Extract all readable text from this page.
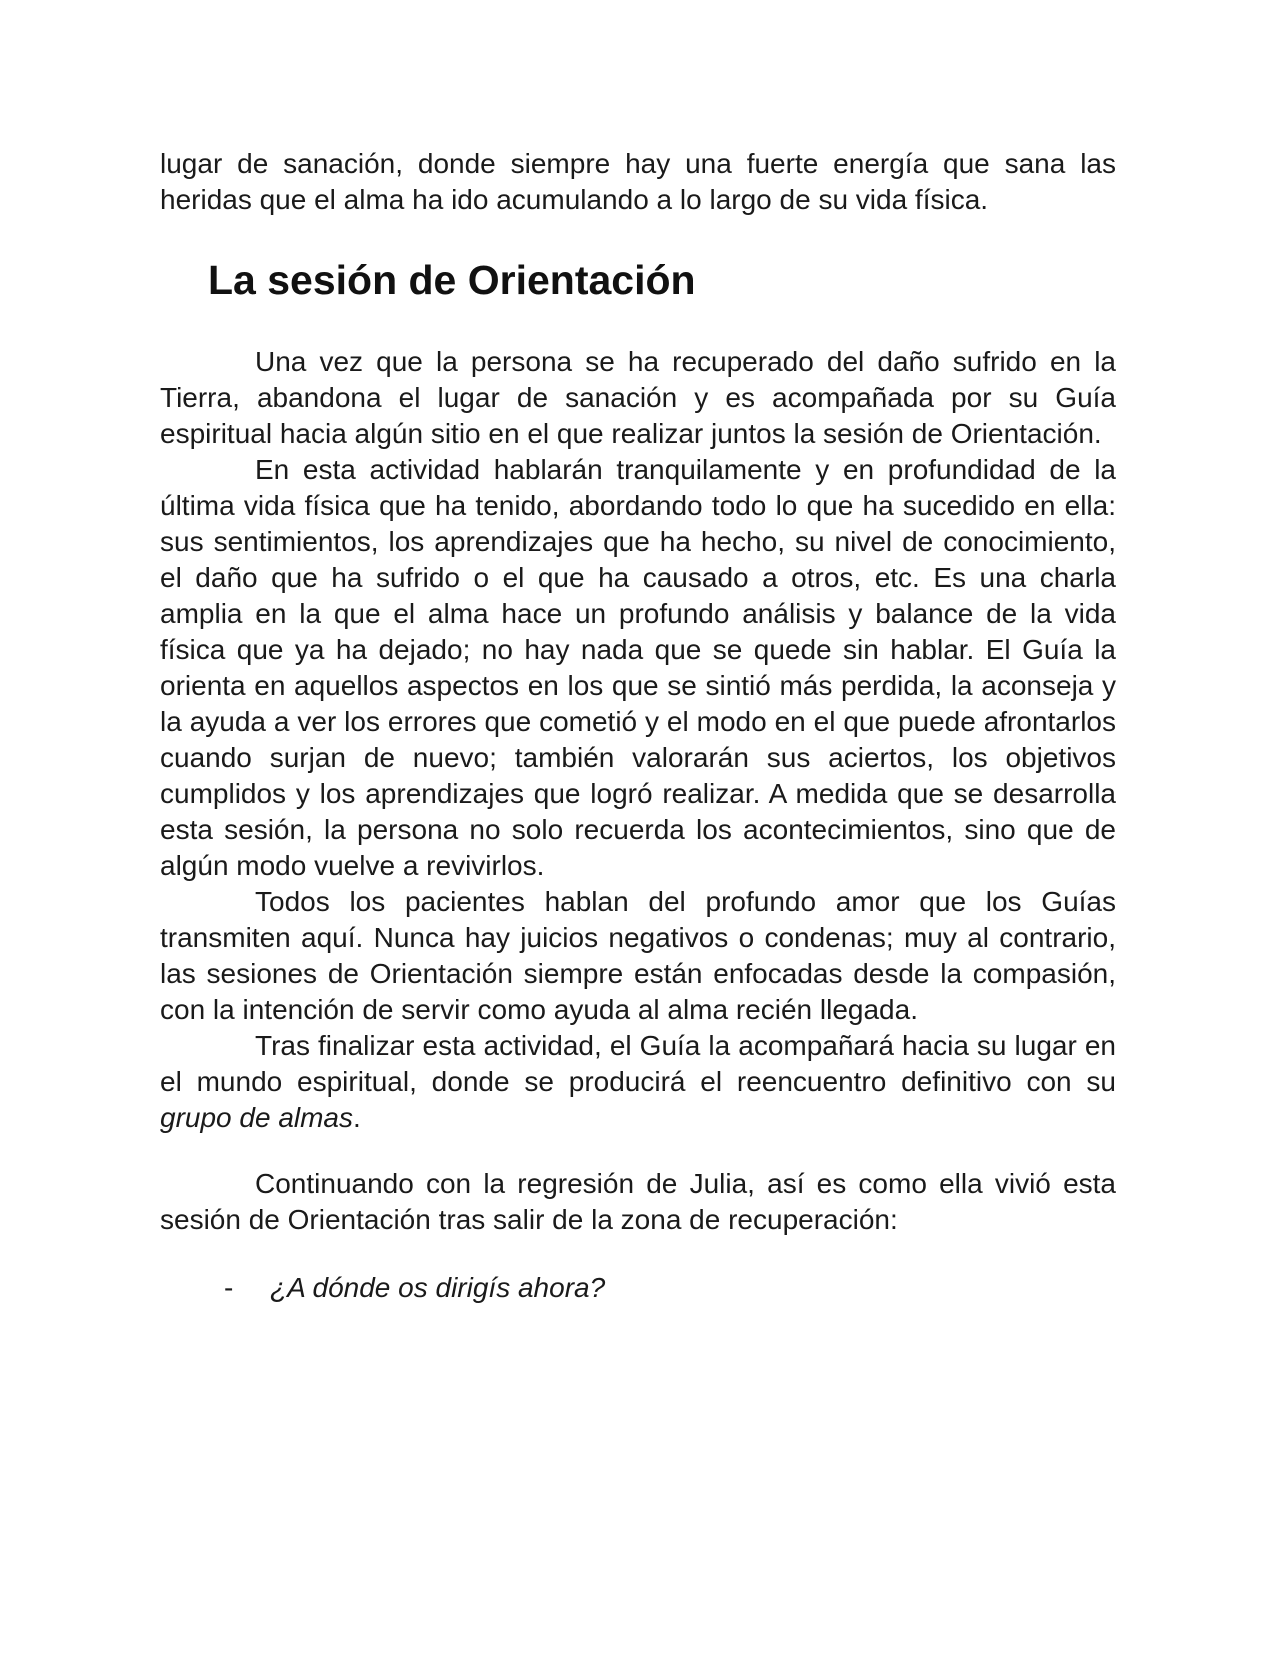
lugar de sanación, donde siempre hay una fuerte energía que sana las heridas que el alma ha ido acumulando a lo largo de su vida física.

La sesión de Orientación

Una vez que la persona se ha recuperado del daño sufrido en la Tierra, abandona el lugar de sanación y es acompañada por su Guía espiritual hacia algún sitio en el que realizar juntos la sesión de Orientación.

En esta actividad hablarán tranquilamente y en profundidad de la última vida física que ha tenido, abordando todo lo que ha sucedido en ella: sus sentimientos, los aprendizajes que ha hecho, su nivel de conocimiento, el daño que ha sufrido o el que ha causado a otros, etc. Es una charla amplia en la que el alma hace un profundo análisis y balance de la vida física que ya ha dejado; no hay nada que se quede sin hablar. El Guía la orienta en aquellos aspectos en los que se sintió más perdida, la aconseja y la ayuda a ver los errores que cometió y el modo en el que puede afrontarlos cuando surjan de nuevo; también valorarán sus aciertos, los objetivos cumplidos y los aprendizajes que logró realizar. A medida que se desarrolla esta sesión, la persona no solo recuerda los acontecimientos, sino que de algún modo vuelve a revivirlos.

Todos los pacientes hablan del profundo amor que los Guías transmiten aquí. Nunca hay juicios negativos o condenas; muy al contrario, las sesiones de Orientación siempre están enfocadas desde la compasión, con la intención de servir como ayuda al alma recién llegada.

Tras finalizar esta actividad, el Guía la acompañará hacia su lugar en el mundo espiritual, donde se producirá el reencuentro definitivo con su grupo de almas.

Continuando con la regresión de Julia, así es como ella vivió esta sesión de Orientación tras salir de la zona de recuperación:

- ¿A dónde os dirigís ahora?
